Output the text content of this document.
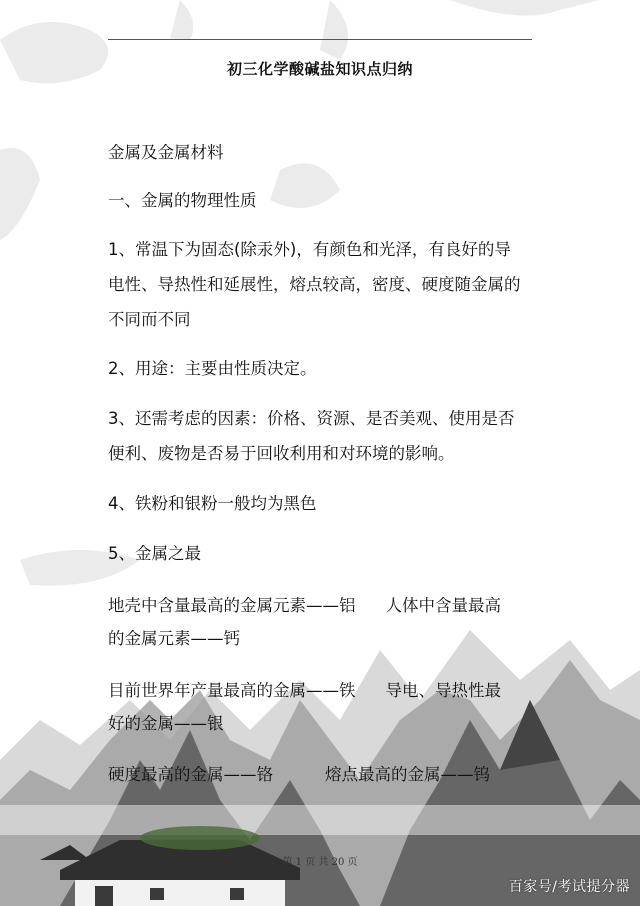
初三化学酸碱盐知识点归纳

金属及金属材料

一、金属的物理性质

1、常温下为固态(除汞外)，有颜色和光泽，有良好的导

电性、导热性和延展性，熔点较高，密度、硬度随金属的

不同而不同

2、用途：主要由性质决定。

3、还需考虑的因素：价格、资源、是否美观、使用是否

便利、废物是否易于回收利用和对环境的影响。

4、铁粉和银粉一般均为黑色

5、金属之最

地壳中含量最高的金属元素——铝 人体中含量最高

的金属元素——钙

目前世界年产量最高的金属——铁 导电、导热性最

好的金属——银

硬度最高的金属——铬	熔点最高的金属——钨

第 1 页 共 20 页
百家号/考试提分器
